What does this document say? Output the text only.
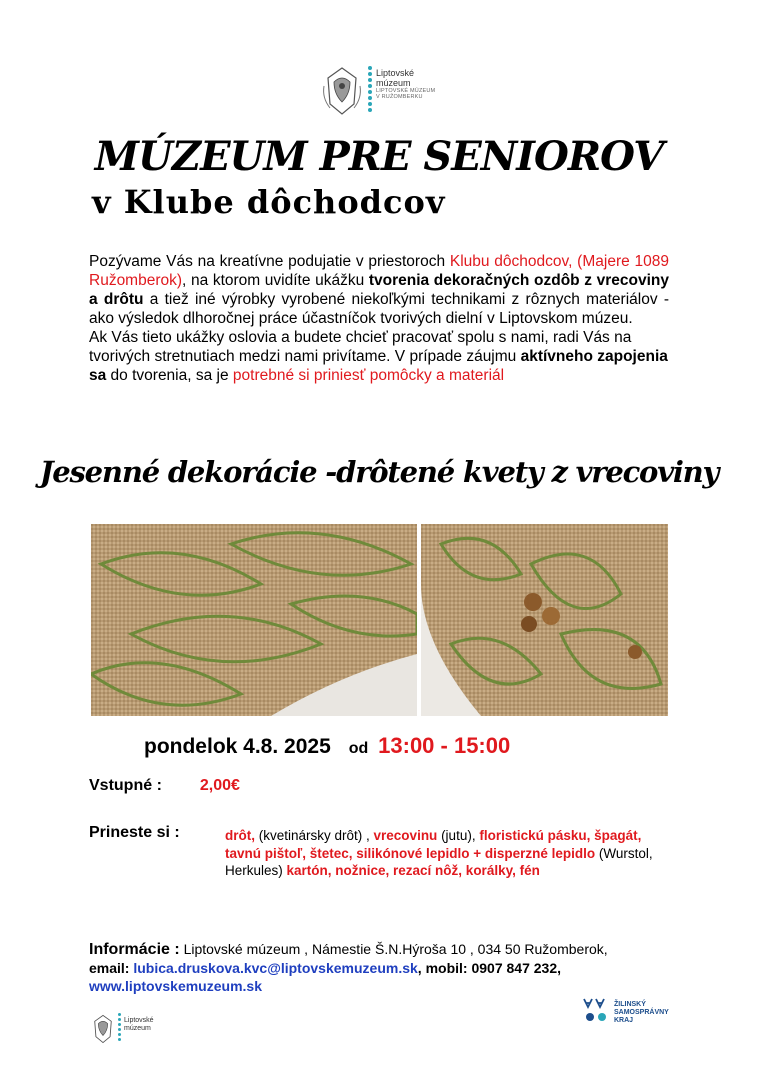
Liptovské
múzeum
LIPTOVSKÉ MÚZEUM
V RUŽOMBERKU
MÚZEUM PRE SENIOROV
v Klube dôchodcov

Pozývame Vás na kreatívne podujatie v priestoroch Klubu dôchodcov, (Majere 1089 Ružomberok), na ktorom uvidíte ukážku tvorenia dekoračných ozdôb z vrecoviny a drôtu a tiež iné výrobky vyrobené niekoľkými technikami z rôznych materiálov - ako výsledok dlhoročnej práce účastníčok tvorivých dielní v Liptovskom múzeu.

Ak Vás tieto ukážky oslovia a budete chcieť pracovať spolu s nami, radi Vás na tvorivých stretnutiach medzi nami privítame. V prípade záujmu aktívneho zapojenia sa do tvorenia, sa je potrebné si priniesť pomôcky a materiál

Jesenné dekorácie -drôtené kvety z vrecoviny
pondelok 4.8. 2025 od 13:00 - 15:00
Vstupné : 2,00€
Prineste si :	drôt, (kvetinársky drôt) , vrecovinu (jutu), floristickú pásku, špagát, tavnú pištoľ, štetec, silikónové lepidlo + disperzné lepidlo (Wurstol, Herkules) kartón, nožnice, rezací nôž, korálky, fén
Informácie : Liptovské múzeum , Námestie Š.N.Hýroša 10 , 034 50 Ružomberok,
email: lubica.druskova.kvc@liptovskemuzeum.sk, mobil: 0907 847 232,
www.liptovskemuzeum.sk
Liptovské
múzeum
ŽILINSKÝ
SAMOSPRÁVNY
KRAJ
